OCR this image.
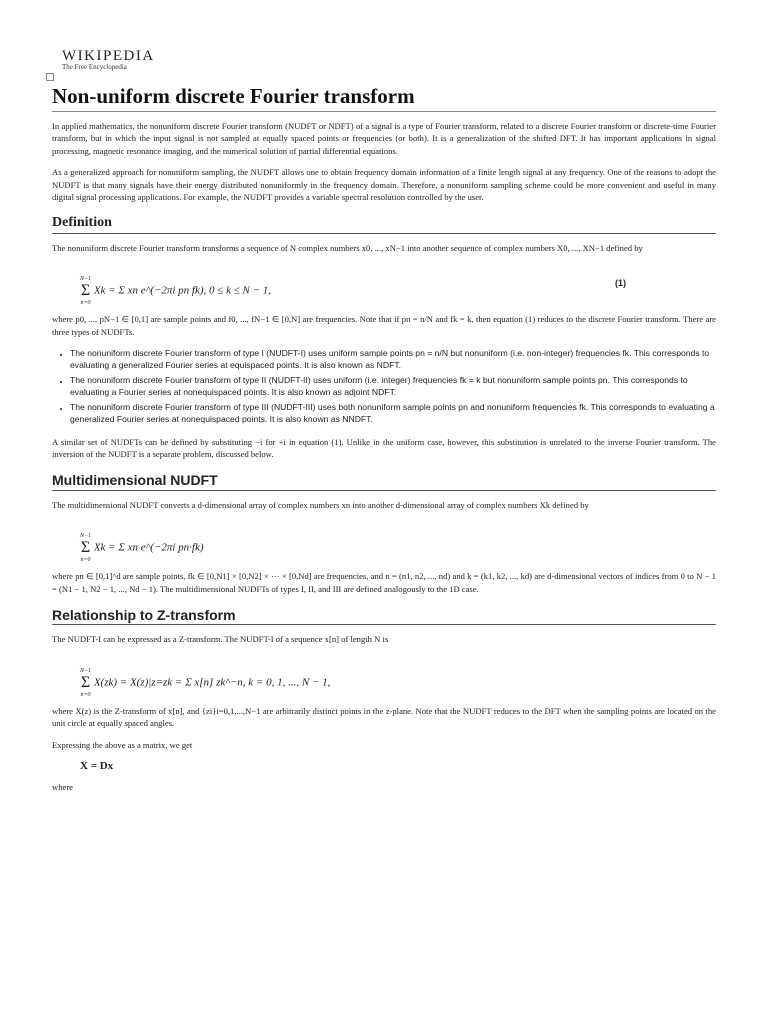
WIKIPEDIA
The Free Encyclopedia
Non-uniform discrete Fourier transform

In applied mathematics, the nonuniform discrete Fourier transform (NUDFT or NDFT) of a signal is a type of Fourier transform, related to a discrete Fourier transform or discrete-time Fourier transform, but in which the input signal is not sampled at equally spaced points or frequencies (or both). It is a generalization of the shifted DFT. It has important applications in signal processing, magnetic resonance imaging, and the numerical solution of partial differential equations.

As a generalized approach for nonuniform sampling, the NUDFT allows one to obtain frequency domain information of a finite length signal at any frequency. One of the reasons to adopt the NUDFT is that many signals have their energy distributed nonuniformly in the frequency domain. Therefore, a nonuniform sampling scheme could be more convenient and useful in many digital signal processing applications. For example, the NUDFT provides a variable spectral resolution controlled by the user.

Definition

The nonuniform discrete Fourier transform transforms a sequence of N complex numbers x0, ..., xN−1 into another sequence of complex numbers X0, ..., XN−1 defined by

N−1
Σ
n=0
Xk = Σ xn e^(−2πi pn fk), 0 ≤ k ≤ N − 1,
(1)

where p0, ..., pN−1 ∈ [0,1] are sample points and f0, ..., fN−1 ∈ [0,N] are frequencies. Note that if pn = n/N and fk = k, then equation (1) reduces to the discrete Fourier transform. There are three types of NUDFTs.

• The nonuniform discrete Fourier transform of type I (NUDFT-I) uses uniform sample points pn = n/N but nonuniform (i.e. non-integer) frequencies fk. This corresponds to evaluating a generalized Fourier series at equispaced points. It is also known as NDFT.
• The nonuniform discrete Fourier transform of type II (NUDFT-II) uses uniform (i.e. integer) frequencies fk = k but nonuniform sample points pn. This corresponds to evaluating a Fourier series at nonequispaced points. It is also known as adjoint NDFT.
• The nonuniform discrete Fourier transform of type III (NUDFT-III) uses both nonuniform sample points pn and nonuniform frequencies fk. This corresponds to evaluating a generalized Fourier series at nonequispaced points. It is also known as NNDFT.

A similar set of NUDFTs can be defined by substituting −i for +i in equation (1). Unlike in the uniform case, however, this substitution is unrelated to the inverse Fourier transform. The inversion of the NUDFT is a separate problem, discussed below.

Multidimensional NUDFT

The multidimensional NUDFT converts a d-dimensional array of complex numbers xn into another d-dimensional array of complex numbers Xk defined by

N−1
Σ
n=0
Xk = Σ xn e^(−2πi pn·fk)

where pn ∈ [0,1]^d are sample points, fk ∈ [0,N1] × [0,N2] × ⋯ × [0,Nd] are frequencies, and n = (n1, n2, ..., nd) and k = (k1, k2, ..., kd) are d-dimensional vectors of indices from 0 to N − 1 = (N1 − 1, N2 − 1, ..., Nd − 1). The multidimensional NUDFTs of types I, II, and III are defined analogously to the 1D case.

Relationship to Z-transform

The NUDFT-I can be expressed as a Z-transform. The NUDFT-I of a sequence x[n] of length N is

N−1
Σ
n=0
X(zk) = X(z)|z=zk = Σ x[n] zk^−n, k = 0, 1, ..., N − 1,

where X(z) is the Z-transform of x[n], and {zi}i=0,1,...,N−1 are arbitrarily distinct points in the z-plane. Note that the NUDFT reduces to the DFT when the sampling points are located on the unit circle at equally spaced angles.

Expressing the above as a matrix, we get

X = Dx

where
